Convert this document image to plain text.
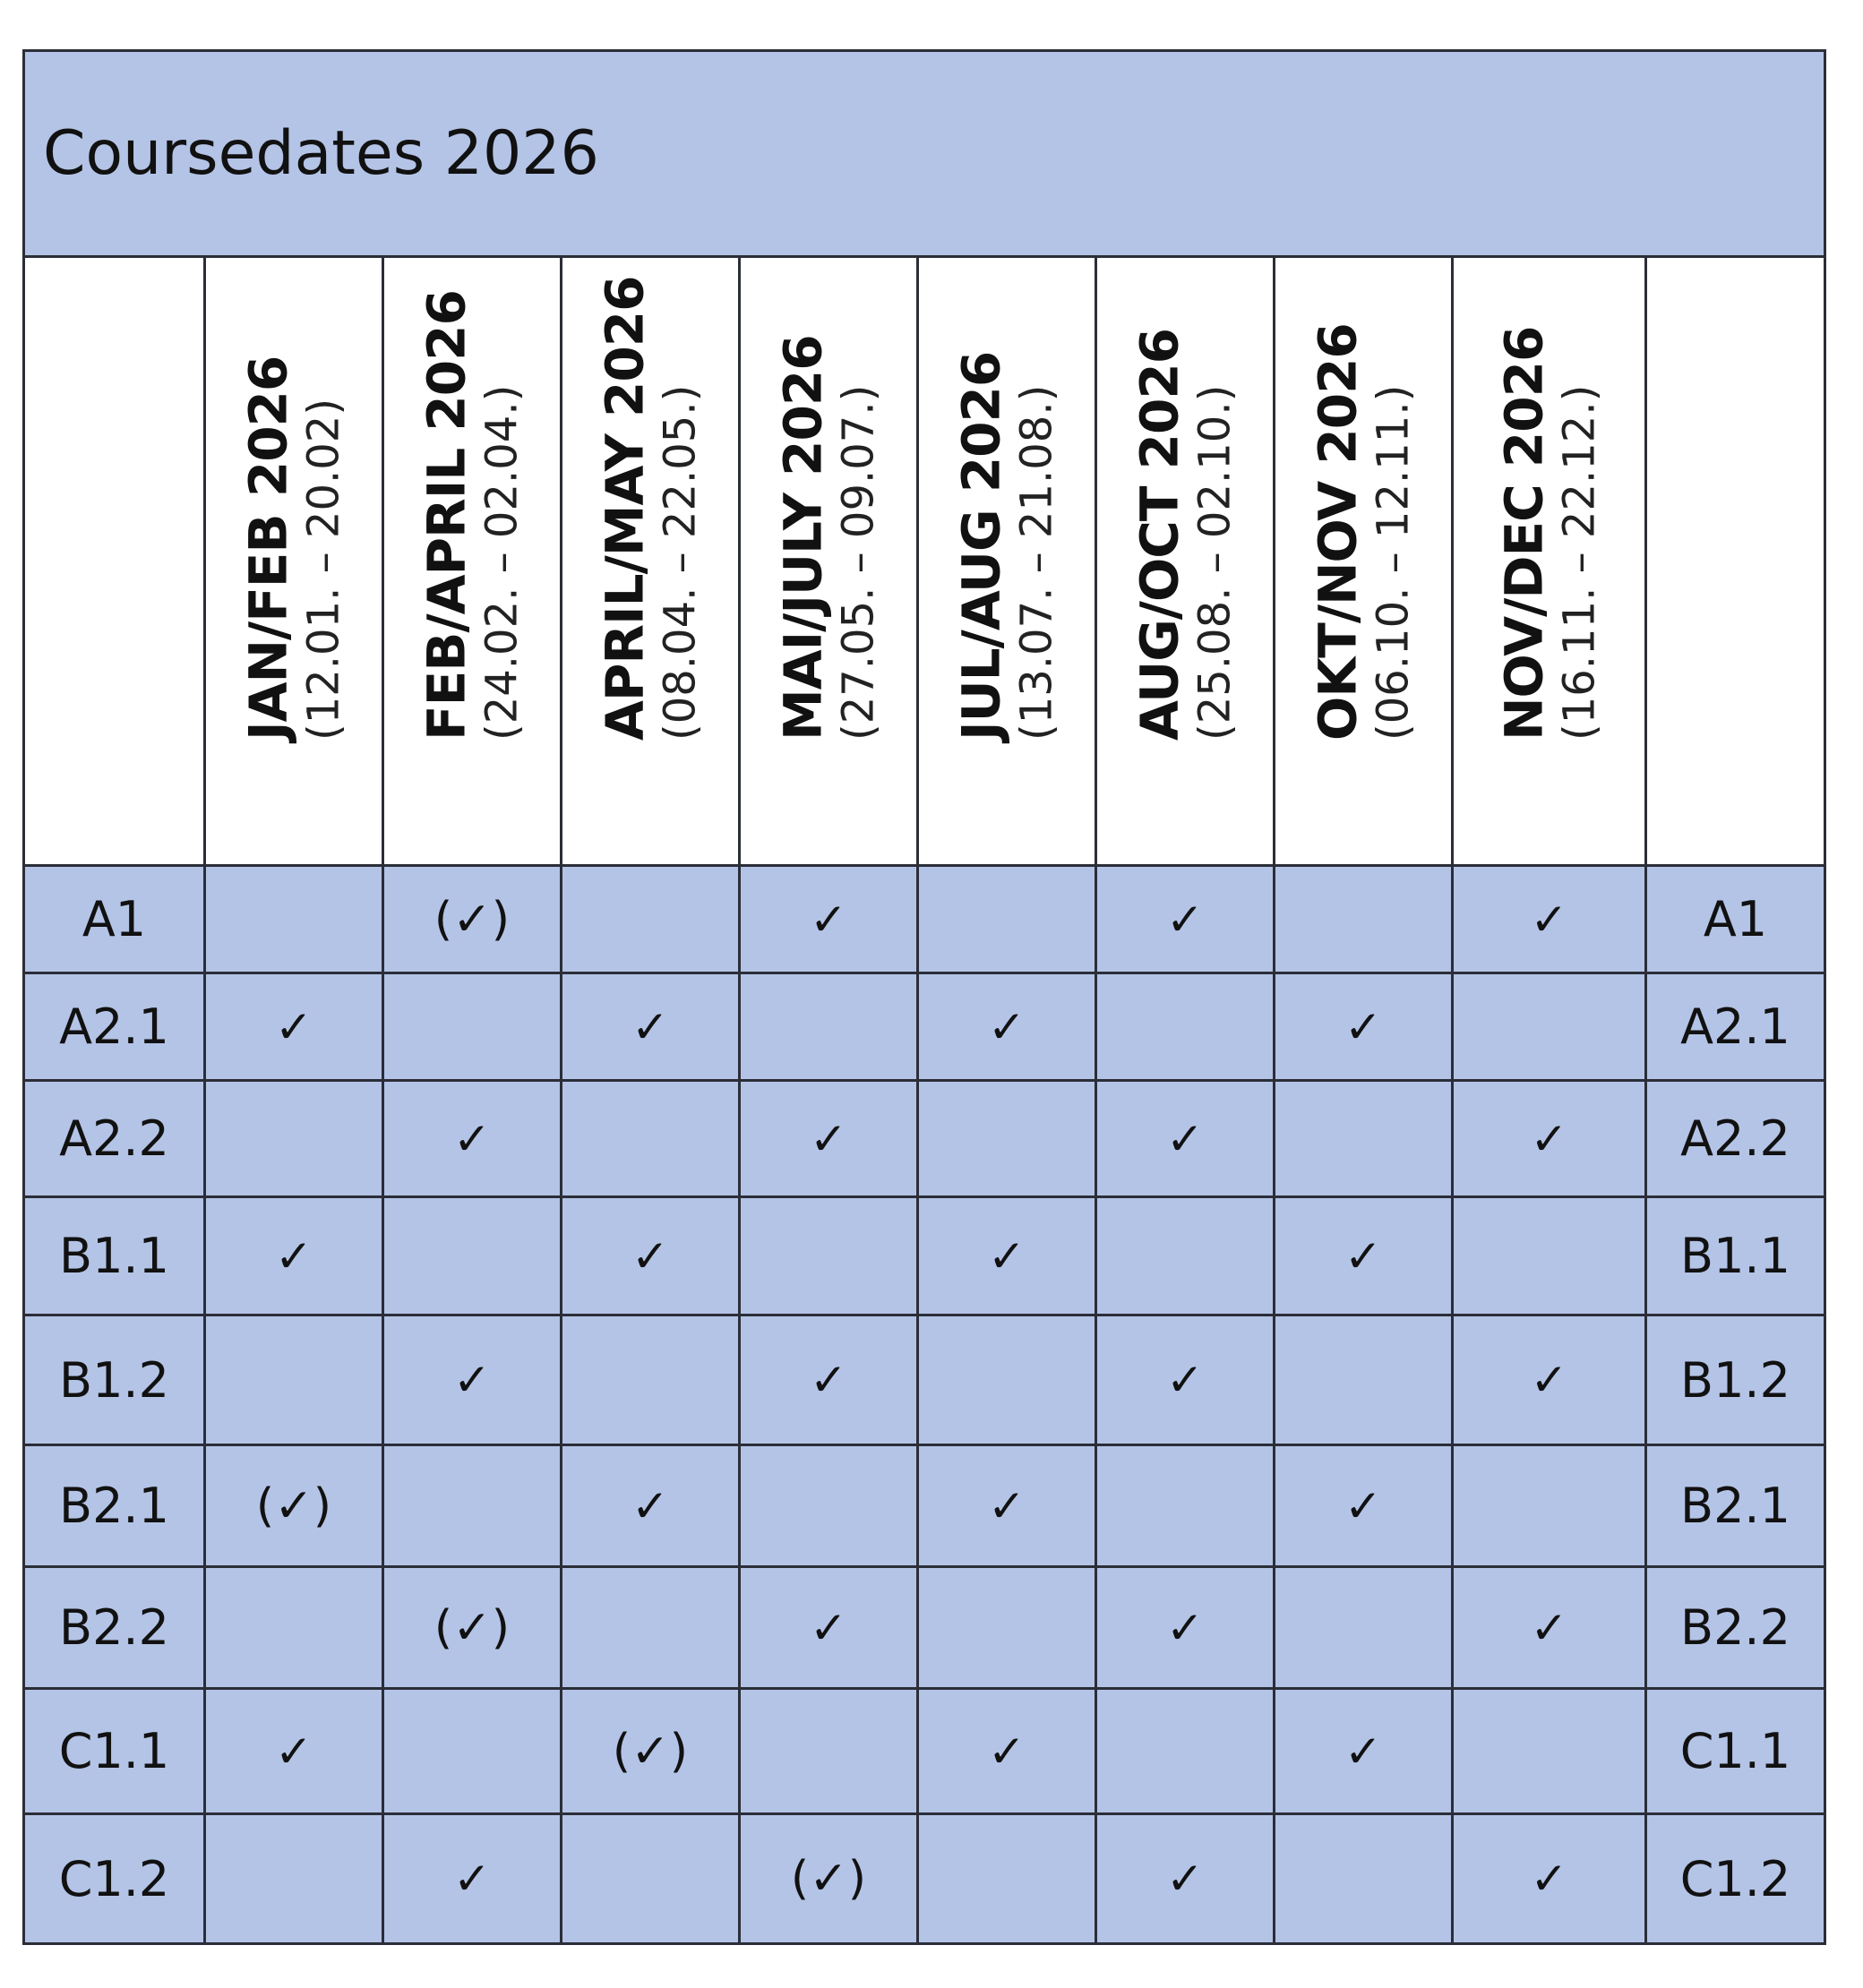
Coursedates 2026									

	JAN/FEB 2026 (12.01. – 20.02)	FEB/APRIL 2026 (24.02. – 02.04.)	APRIL/MAY 2026 (08.04. – 22.05.)	MAI/JULY 2026 (27.05. – 09.07.)	JUL/AUG 2026 (13.07. – 21.08.)	AUG/OCT 2026 (25.08. – 02.10.)	OKT/NOV 2026 (06.10. – 12.11.)	NOV/DEC 2026 (16.11. – 22.12.)	

A1		(✓)		✓		✓		✓	A1
A2.1	✓		✓		✓		✓		A2.1
A2.2		✓		✓		✓		✓	A2.2
B1.1	✓		✓		✓		✓		B1.1
B1.2		✓		✓		✓		✓	B1.2
B2.1	(✓)		✓		✓		✓		B2.1
B2.2		(✓)		✓		✓		✓	B2.2
C1.1	✓		(✓)		✓		✓		C1.1
C1.2		✓		(✓)		✓		✓	C1.2
